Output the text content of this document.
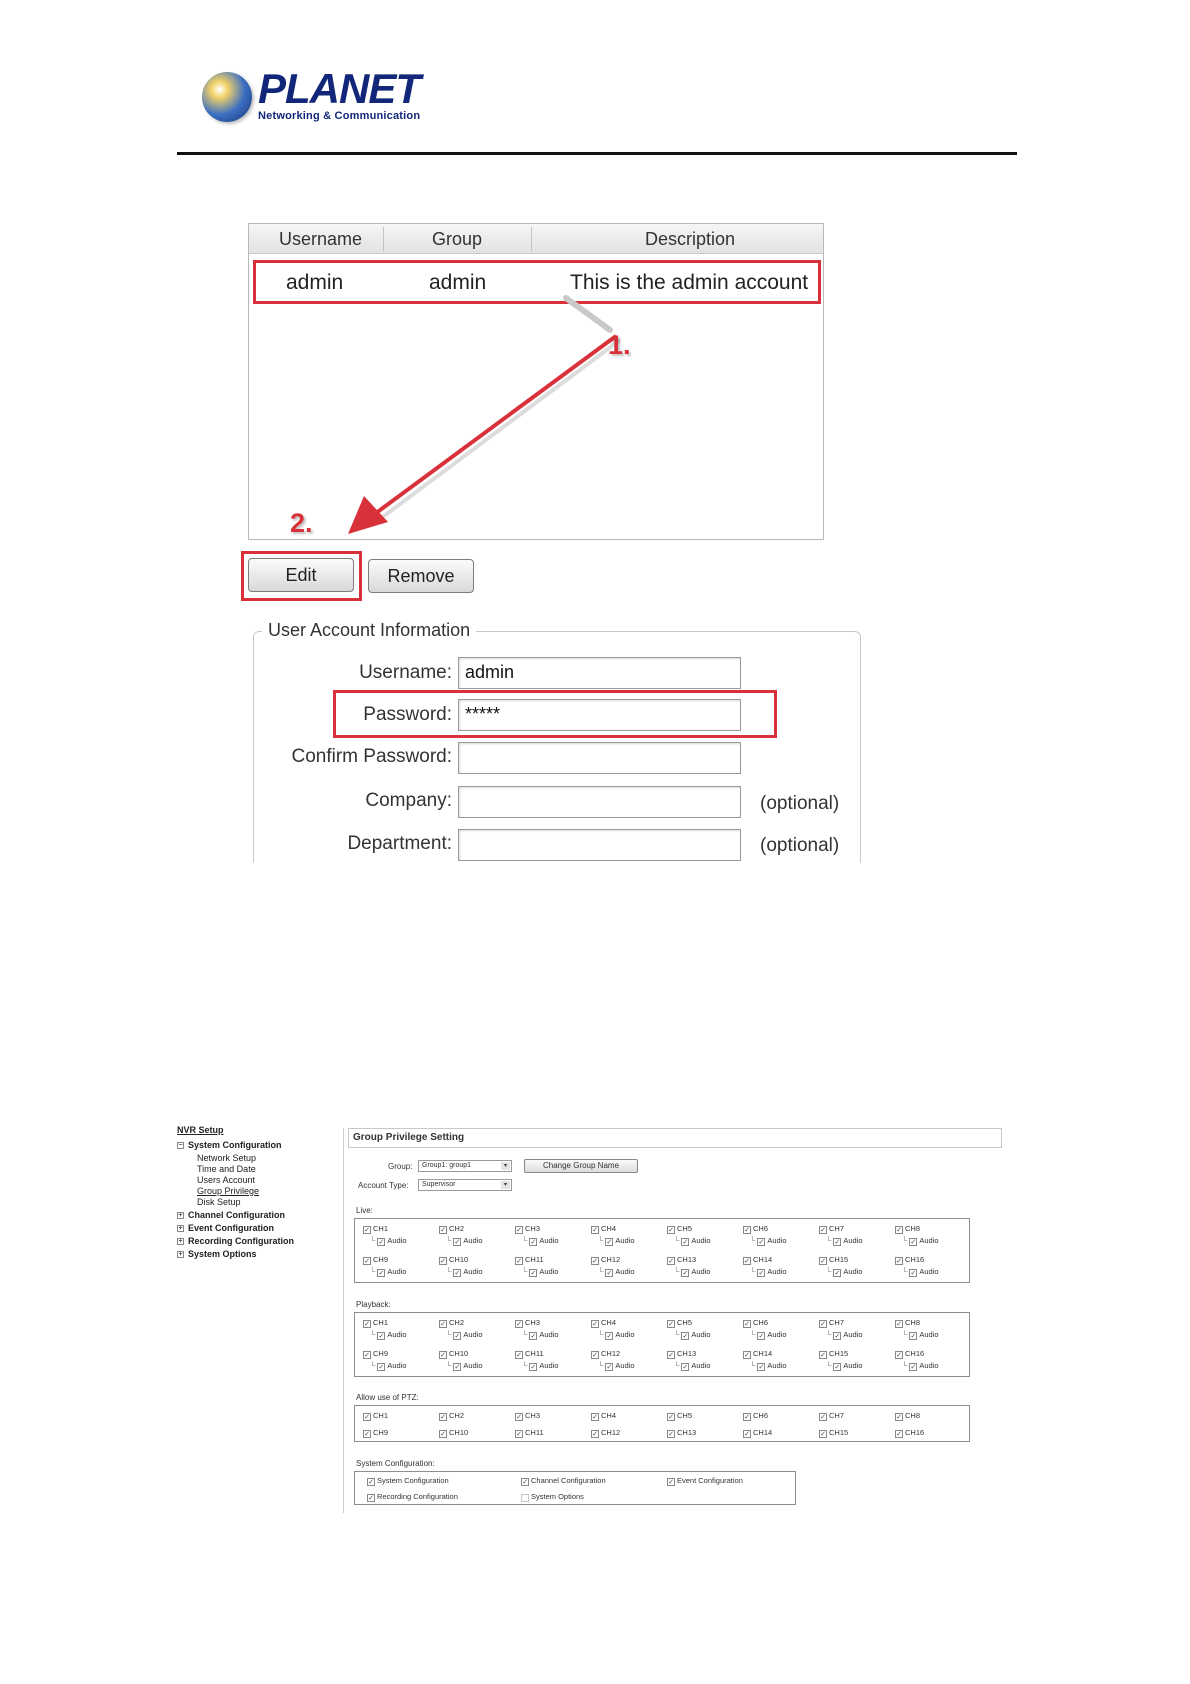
PLANET
Networking & Communication
Username	Group	Description
admin	admin	This is the admin account
1.
2.
Edit	Remove
User Account Information
Username: admin
Password: *****
Confirm Password:
Company:	(optional)
Department:	(optional)
NVR Setup
− System Configuration
Network Setup
Time and Date
Users Account
Group Privilege
Disk Setup
+ Channel Configuration
+ Event Configuration
+ Recording Configuration
+ System Options
Group Privilege Setting
Group:	Group1: group1	▾	Change Group Name
Account Type:	Supervisor	▾
Live:
✓ CH1
└ ✓ Audio
✓ CH2
└ ✓ Audio
✓ CH3
└ ✓ Audio
✓ CH4
└ ✓ Audio
✓ CH5
└ ✓ Audio
✓ CH6
└ ✓ Audio
✓ CH7
└ ✓ Audio
✓ CH8
└ ✓ Audio
✓ CH9
└ ✓ Audio
✓ CH10
└ ✓ Audio
✓ CH11
└ ✓ Audio
✓ CH12
└ ✓ Audio
✓ CH13
└ ✓ Audio
✓ CH14
└ ✓ Audio
✓ CH15
└ ✓ Audio
✓ CH16
└ ✓ Audio
Playback:
✓ CH1
└ ✓ Audio
✓ CH2
└ ✓ Audio
✓ CH3
└ ✓ Audio
✓ CH4
└ ✓ Audio
✓ CH5
└ ✓ Audio
✓ CH6
└ ✓ Audio
✓ CH7
└ ✓ Audio
✓ CH8
└ ✓ Audio
✓ CH9
└ ✓ Audio
✓ CH10
└ ✓ Audio
✓ CH11
└ ✓ Audio
✓ CH12
└ ✓ Audio
✓ CH13
└ ✓ Audio
✓ CH14
└ ✓ Audio
✓ CH15
└ ✓ Audio
✓ CH16
└ ✓ Audio
Allow use of PTZ:
✓ CH1	✓ CH2	✓ CH3	✓ CH4	✓ CH5	✓ CH6	✓ CH7	✓ CH8
✓ CH9	✓ CH10	✓ CH11	✓ CH12	✓ CH13	✓ CH14	✓ CH15	✓ CH16
System Configuration:
✓ System Configuration	✓ Channel Configuration	✓ Event Configuration
✓ Recording Configuration	System Options
